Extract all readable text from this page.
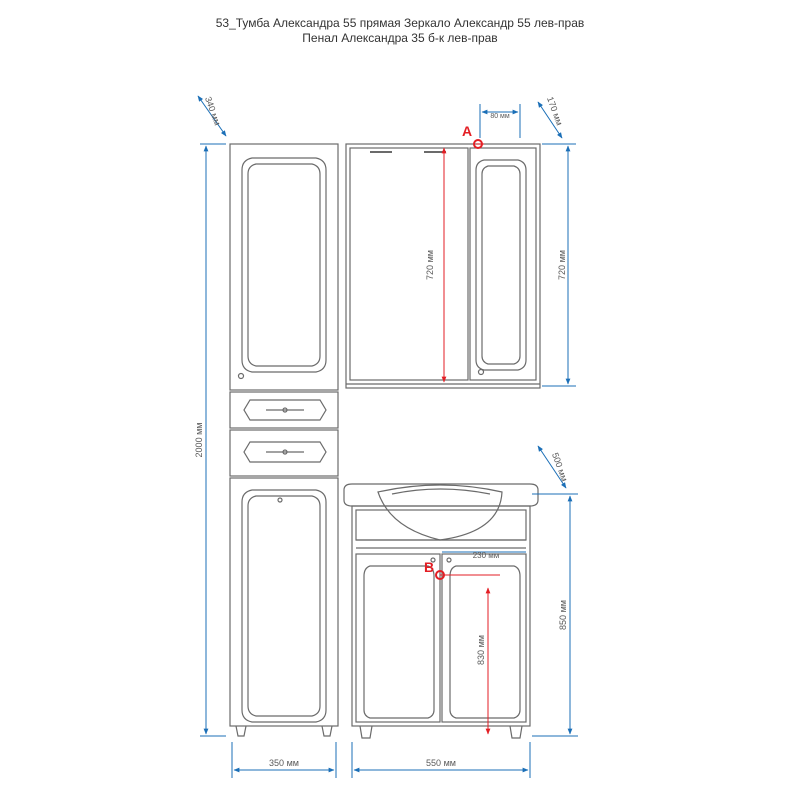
53_Тумба Александра 55 прямая Зеркало Александр 55 лев-прав
Пенал Александра 35 б-к лев-прав
2000 мм
340 мм
350 мм
80 мм	170 мм
720 мм
720 мм
500 мм
850 мм
830 мм
550 мм
230 мм
A
B
